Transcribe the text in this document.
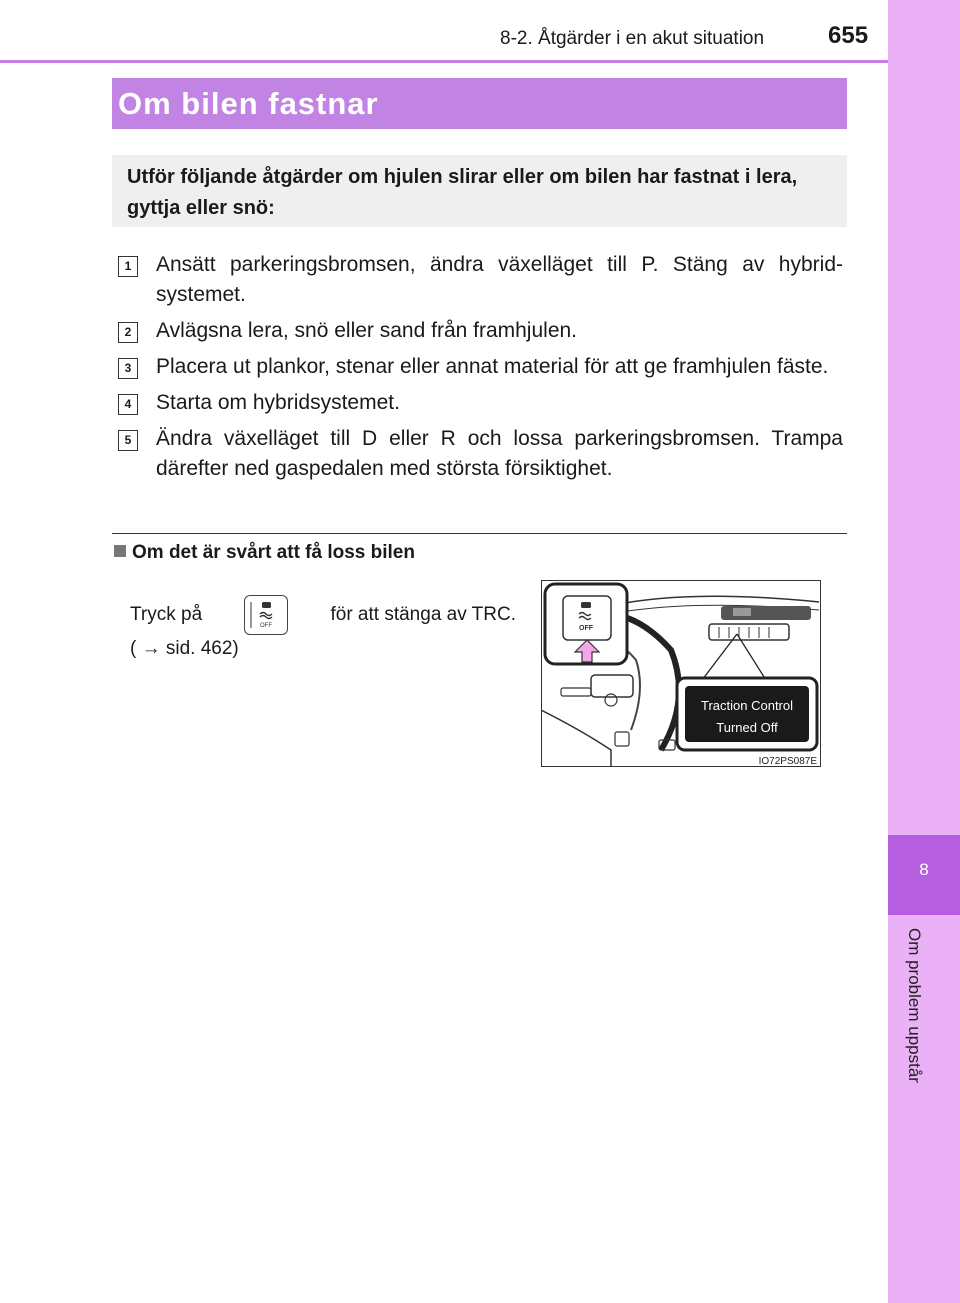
8-2. Åtgärder i en akut situation	655
8
Om problem uppstår
Om bilen fastnar
Utför följande åtgärder om hjulen slirar eller om bilen har fastnat i lera, gyttja eller snö:
1	Ansätt parkeringsbromsen, ändra växelläget till P. Stäng av hybrid-systemet.
2	Avlägsna lera, snö eller sand från framhjulen.
3	Placera ut plankor, stenar eller annat material för att ge framhjulen fäste.
4	Starta om hybridsystemet.
5	Ändra växelläget till D eller R och lossa parkeringsbromsen. Trampa därefter ned gaspedalen med största försiktighet.
Om det är svårt att få loss bilen
Tryck på
OFF
för att stänga av TRC.
( → sid. 462)
OFF
Traction Control
Turned Off
IO72PS087E
